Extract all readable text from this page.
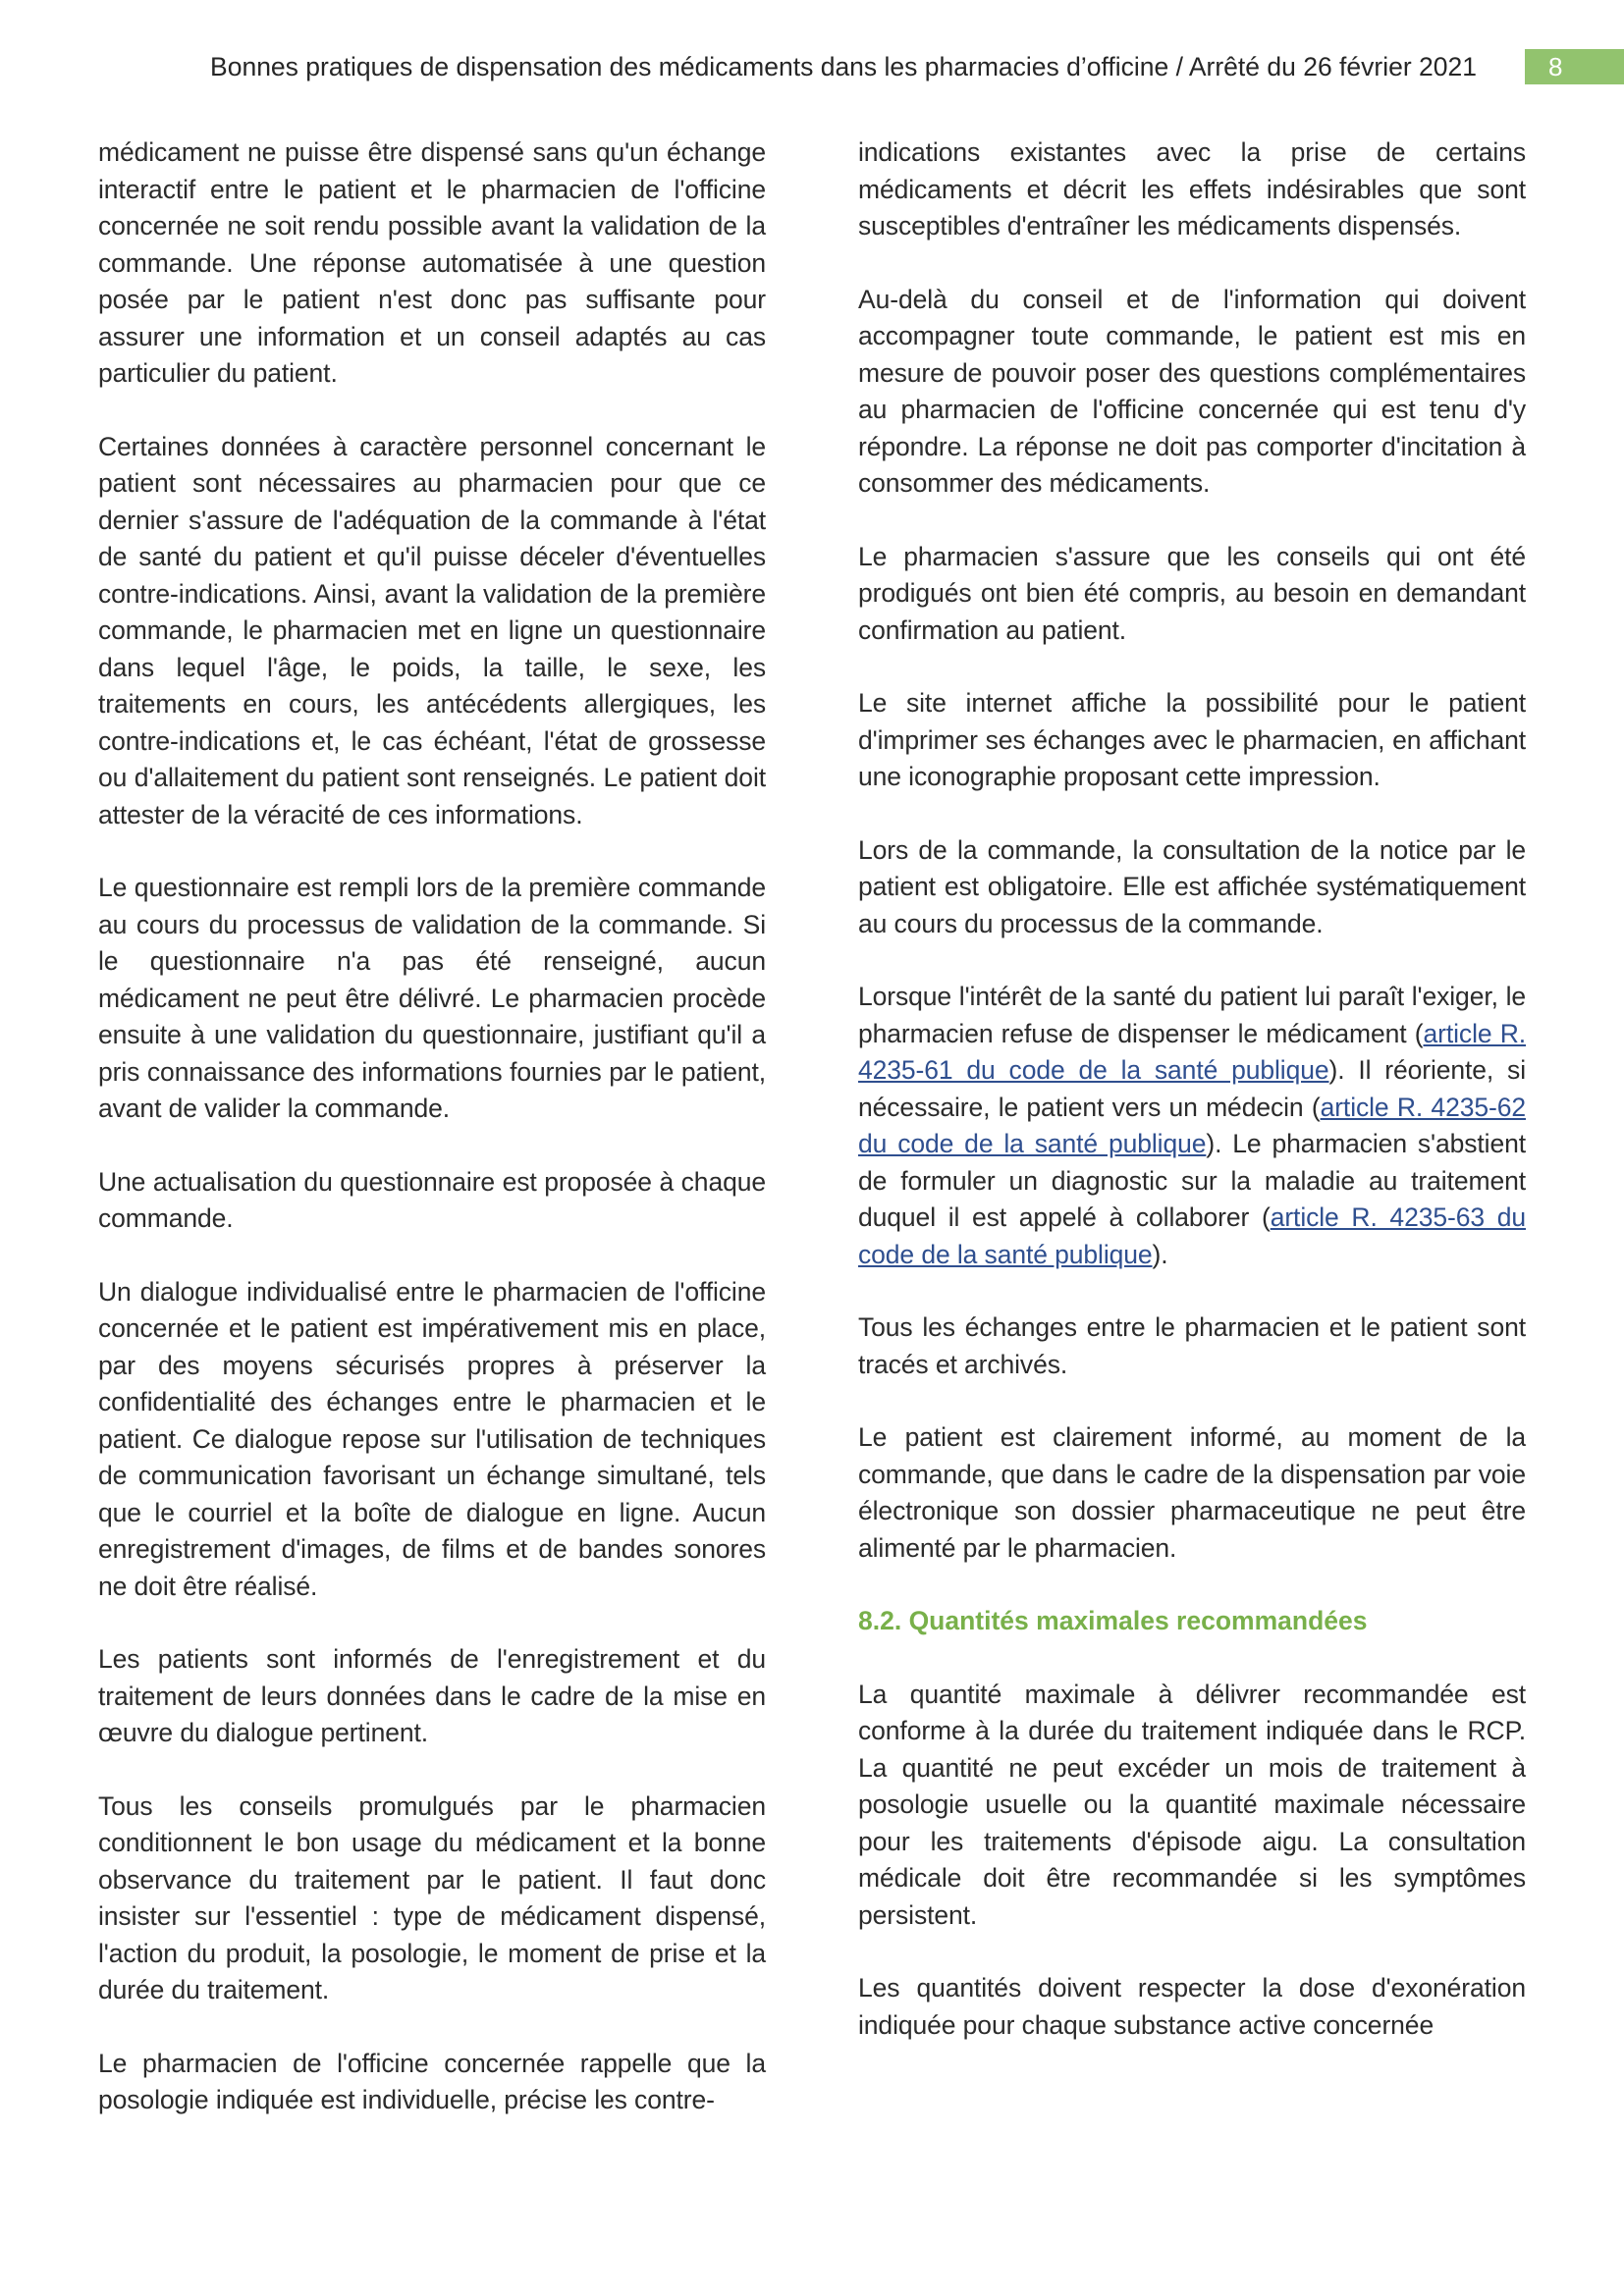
Bonnes pratiques de dispensation des médicaments dans les pharmacies d’officine / Arrêté du 26 février 2021	8

médicament ne puisse être dispensé sans qu'un échange interactif entre le patient et le pharmacien de l'officine concernée ne soit rendu possible avant la validation de la commande. Une réponse automatisée à une question posée par le patient n'est donc pas suffisante pour assurer une information et un conseil adaptés au cas particulier du patient.

Certaines données à caractère personnel concernant le patient sont nécessaires au pharmacien pour que ce dernier s'assure de l'adéquation de la commande à l'état de santé du patient et qu'il puisse déceler d'éventuelles contre-indications. Ainsi, avant la validation de la première commande, le pharmacien met en ligne un questionnaire dans lequel l'âge, le poids, la taille, le sexe, les traitements en cours, les antécédents allergiques, les contre-indications et, le cas échéant, l'état de grossesse ou d'allaitement du patient sont renseignés. Le patient doit attester de la véracité de ces informations.

Le questionnaire est rempli lors de la première commande au cours du processus de validation de la commande. Si le questionnaire n'a pas été renseigné, aucun médicament ne peut être délivré. Le pharmacien procède ensuite à une validation du questionnaire, justifiant qu'il a pris connaissance des informations fournies par le patient, avant de valider la commande.

Une actualisation du questionnaire est proposée à chaque commande.

Un dialogue individualisé entre le pharmacien de l'officine concernée et le patient est impérativement mis en place, par des moyens sécurisés propres à préserver la confidentialité des échanges entre le pharmacien et le patient. Ce dialogue repose sur l'utilisation de techniques de communication favorisant un échange simultané, tels que le courriel et la boîte de dialogue en ligne. Aucun enregistrement d'images, de films et de bandes sonores ne doit être réalisé.

Les patients sont informés de l'enregistrement et du traitement de leurs données dans le cadre de la mise en œuvre du dialogue pertinent.

Tous les conseils promulgués par le pharmacien conditionnent le bon usage du médicament et la bonne observance du traitement par le patient. Il faut donc insister sur l'essentiel : type de médicament dispensé, l'action du produit, la posologie, le moment de prise et la durée du traitement.

Le pharmacien de l'officine concernée rappelle que la posologie indiquée est individuelle, précise les contre-

indications existantes avec la prise de certains médicaments et décrit les effets indésirables que sont susceptibles d'entraîner les médicaments dispensés.

Au-delà du conseil et de l'information qui doivent accompagner toute commande, le patient est mis en mesure de pouvoir poser des questions complémentaires au pharmacien de l'officine concernée qui est tenu d'y répondre. La réponse ne doit pas comporter d'incitation à consommer des médicaments.

Le pharmacien s'assure que les conseils qui ont été prodigués ont bien été compris, au besoin en demandant confirmation au patient.

Le site internet affiche la possibilité pour le patient d'imprimer ses échanges avec le pharmacien, en affichant une iconographie proposant cette impression.

Lors de la commande, la consultation de la notice par le patient est obligatoire. Elle est affichée systématiquement au cours du processus de la commande.

Lorsque l'intérêt de la santé du patient lui paraît l'exiger, le pharmacien refuse de dispenser le médicament (article R. 4235-61 du code de la santé publique). Il réoriente, si nécessaire, le patient vers un médecin (article R. 4235-62 du code de la santé publique). Le pharmacien s'abstient de formuler un diagnostic sur la maladie au traitement duquel il est appelé à collaborer (article R. 4235-63 du code de la santé publique).

Tous les échanges entre le pharmacien et le patient sont tracés et archivés.

Le patient est clairement informé, au moment de la commande, que dans le cadre de la dispensation par voie électronique son dossier pharmaceutique ne peut être alimenté par le pharmacien.

8.2. Quantités maximales recommandées

La quantité maximale à délivrer recommandée est conforme à la durée du traitement indiquée dans le RCP. La quantité ne peut excéder un mois de traitement à posologie usuelle ou la quantité maximale nécessaire pour les traitements d'épisode aigu. La consultation médicale doit être recommandée si les symptômes persistent.

Les quantités doivent respecter la dose d'exonération indiquée pour chaque substance active concernée
